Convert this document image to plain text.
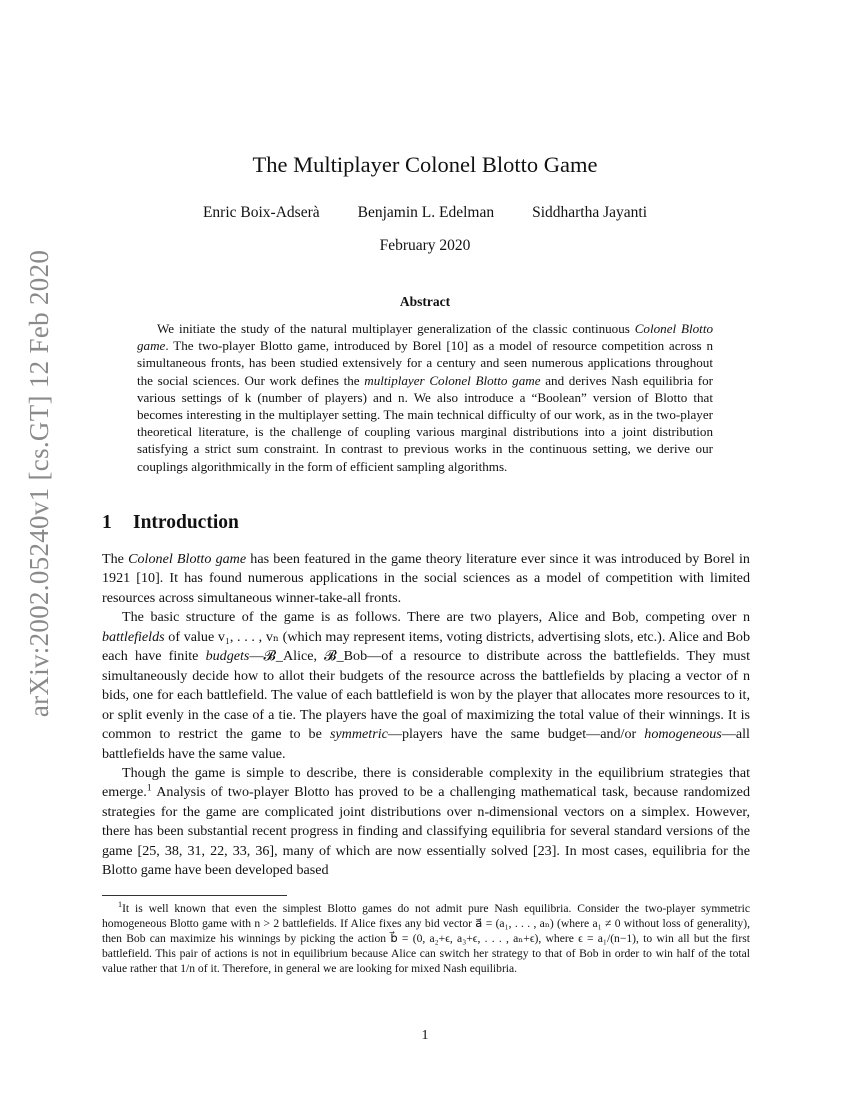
arXiv:2002.05240v1 [cs.GT] 12 Feb 2020
The Multiplayer Colonel Blotto Game
Enric Boix-Adserà Benjamin L. Edelman Siddhartha Jayanti
February 2020
Abstract
We initiate the study of the natural multiplayer generalization of the classic continuous Colonel Blotto game. The two-player Blotto game, introduced by Borel [10] as a model of resource competition across n simultaneous fronts, has been studied extensively for a century and seen numerous applications throughout the social sciences. Our work defines the multiplayer Colonel Blotto game and derives Nash equilibria for various settings of k (number of players) and n. We also introduce a “Boolean” version of Blotto that becomes interesting in the multiplayer setting. The main technical difficulty of our work, as in the two-player theoretical literature, is the challenge of coupling various marginal distributions into a joint distribution satisfying a strict sum constraint. In contrast to previous works in the continuous setting, we derive our couplings algorithmically in the form of efficient sampling algorithms.
1 Introduction

The Colonel Blotto game has been featured in the game theory literature ever since it was introduced by Borel in 1921 [10]. It has found numerous applications in the social sciences as a model of competition with limited resources across simultaneous winner-take-all fronts.

The basic structure of the game is as follows. There are two players, Alice and Bob, competing over n battlefields of value v₁, . . . , vₙ (which may represent items, voting districts, advertising slots, etc.). Alice and Bob each have finite budgets—𝓑_Alice, 𝓑_Bob—of a resource to distribute across the battlefields. They must simultaneously decide how to allot their budgets of the resource across the battlefields by placing a vector of n bids, one for each battlefield. The value of each battlefield is won by the player that allocates more resources to it, or split evenly in the case of a tie. The players have the goal of maximizing the total value of their winnings. It is common to restrict the game to be symmetric—players have the same budget—and/or homogeneous—all battlefields have the same value.

Though the game is simple to describe, there is considerable complexity in the equilibrium strategies that emerge.$^1$ Analysis of two-player Blotto has proved to be a challenging mathematical task, because randomized strategies for the game are complicated joint distributions over n-dimensional vectors on a simplex. However, there has been substantial recent progress in finding and classifying equilibria for several standard versions of the game [25, 38, 31, 22, 33, 36], many of which are now essentially solved [23]. In most cases, equilibria for the Blotto game have been developed based

$^1$It is well known that even the simplest Blotto games do not admit pure Nash equilibria. Consider the two-player symmetric homogeneous Blotto game with n > 2 battlefields. If Alice fixes any bid vector a⃗ = (a₁, . . . , aₙ) (where a₁ ≠ 0 without loss of generality), then Bob can maximize his winnings by picking the action b⃗ = (0, a₂+ϵ, a₃+ϵ, . . . , aₙ+ϵ), where ϵ = a₁/(n−1), to win all but the first battlefield. This pair of actions is not in equilibrium because Alice can switch her strategy to that of Bob in order to win half of the total value rather that 1/n of it. Therefore, in general we are looking for mixed Nash equilibria.
1
